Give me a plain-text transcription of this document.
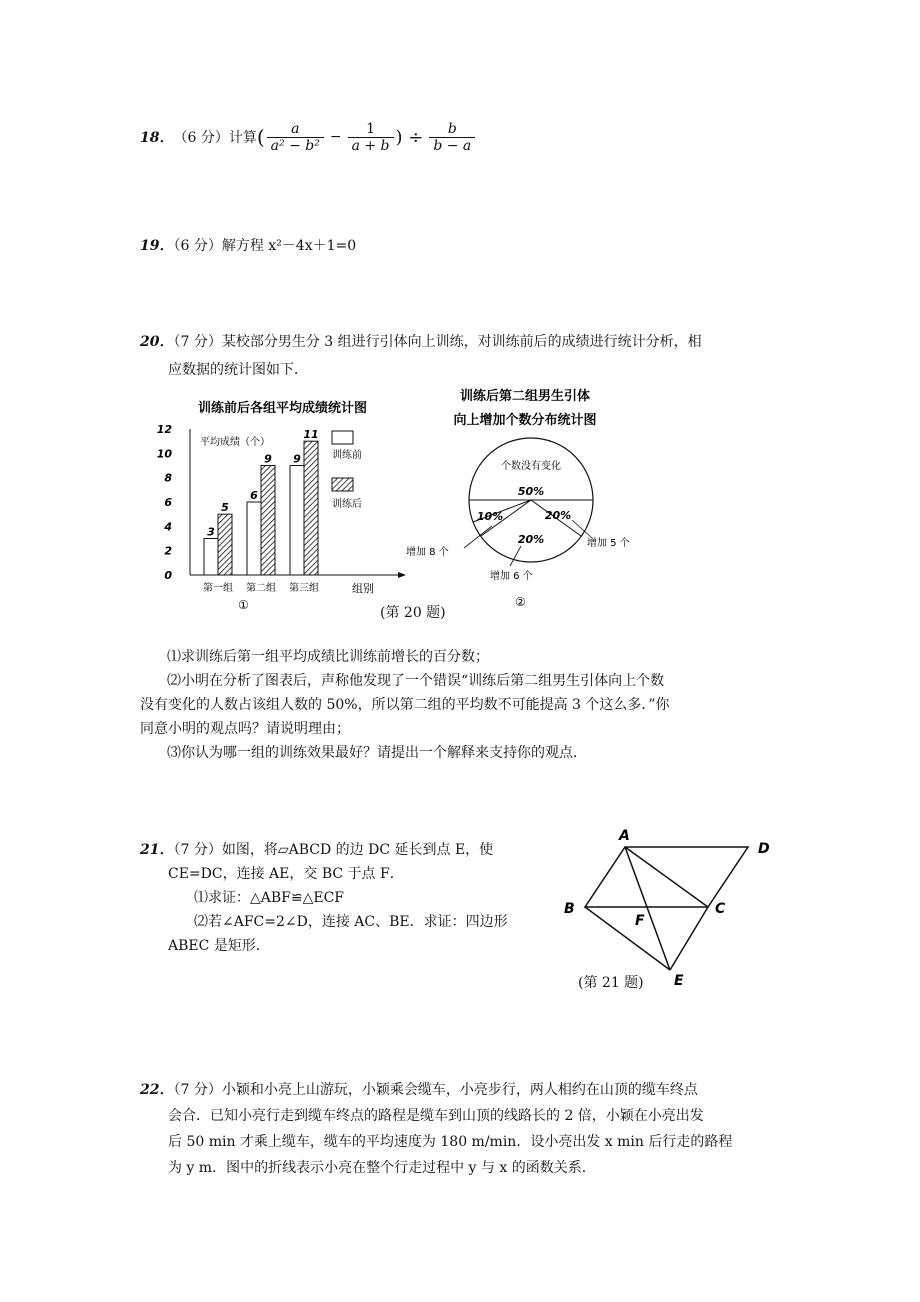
18． （6 分） 计算 ( $\frac{a}{\text{a² − b²}} - \frac{1}{a + b}$ ) ÷ $\frac{b}{b - a}$
19．（6 分）解方程 x²－4x＋1=0
20．（7 分）某校部分男生分 3 组进行引体向上训练，对训练前后的成绩进行统计分析，相
应数据的统计图如下．
训练前后各组平均成绩统计图
平均成绩（个）
0
2
4
6
8
10
12
3
5
6
9 9
11
第一组 第二组 第三组	组别
训练前
训练后
①
训练后第二组男生引体
向上增加个数分布统计图
个数没有变化
50%
20%
20%
10%
增加 8 个
增加 5 个
增加 6 个
②
(第 20 题)
⑴求训练后第一组平均成绩比训练前增长的百分数；
⑵小明在分析了图表后，声称他发现了一个错误“训练后第二组男生引体向上个数
没有变化的人数占该组人数的 50%，所以第二组的平均数不可能提高 3 个这么多．”你
同意小明的观点吗？请说明理由；
⑶你认为哪一组的训练效果最好？请提出一个解释来支持你的观点．
21．（7 分）如图，将▱ABCD 的边 DC 延长到点 E，使
CE=DC，连接 AE，交 BC 于点 F．
⑴求证：△ABF≌△ECF
⑵若∠AFC=2∠D，连接 AC、BE．求证：四边形
ABEC 是矩形．
A
D
B	C
F
E
(第 21 题)
22．（7 分）小颖和小亮上山游玩，小颖乘会缆车，小亮步行，两人相约在山顶的缆车终点
会合．已知小亮行走到缆车终点的路程是缆车到山顶的线路长的 2 倍，小颖在小亮出发
后 50 min 才乘上缆车，缆车的平均速度为 180 m/min．设小亮出发 x min 后行走的路程
为 y m．图中的折线表示小亮在整个行走过程中 y 与 x 的函数关系．
